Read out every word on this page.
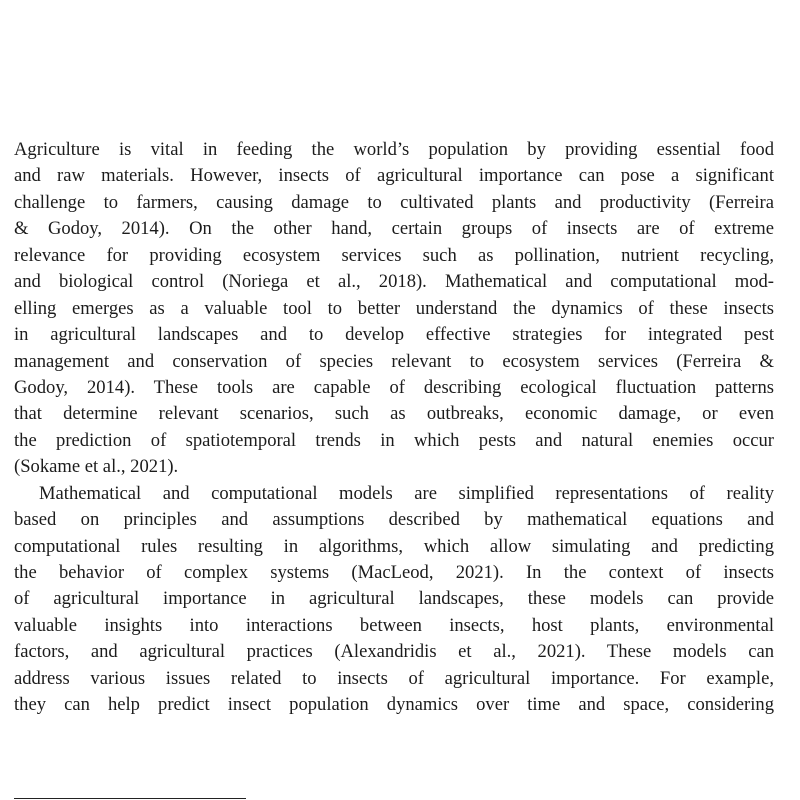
Agriculture is vital in feeding the world’s population by providing essential food
and raw materials. However, insects of agricultural importance can pose a significant
challenge to farmers, causing damage to cultivated plants and productivity (Ferreira
& Godoy, 2014). On the other hand, certain groups of insects are of extreme
relevance for providing ecosystem services such as pollination, nutrient recycling,
and biological control (Noriega et al., 2018). Mathematical and computational mod-
elling emerges as a valuable tool to better understand the dynamics of these insects
in agricultural landscapes and to develop effective strategies for integrated pest
management and conservation of species relevant to ecosystem services (Ferreira &
Godoy, 2014). These tools are capable of describing ecological fluctuation patterns
that determine relevant scenarios, such as outbreaks, economic damage, or even
the prediction of spatiotemporal trends in which pests and natural enemies occur
(Sokame et al., 2021).
Mathematical and computational models are simplified representations of reality
based on principles and assumptions described by mathematical equations and
computational rules resulting in algorithms, which allow simulating and predicting
the behavior of complex systems (MacLeod, 2021). In the context of insects
of agricultural importance in agricultural landscapes, these models can provide
valuable insights into interactions between insects, host plants, environmental
factors, and agricultural practices (Alexandridis et al., 2021). These models can
address various issues related to insects of agricultural importance. For example,
they can help predict insect population dynamics over time and space, considering
